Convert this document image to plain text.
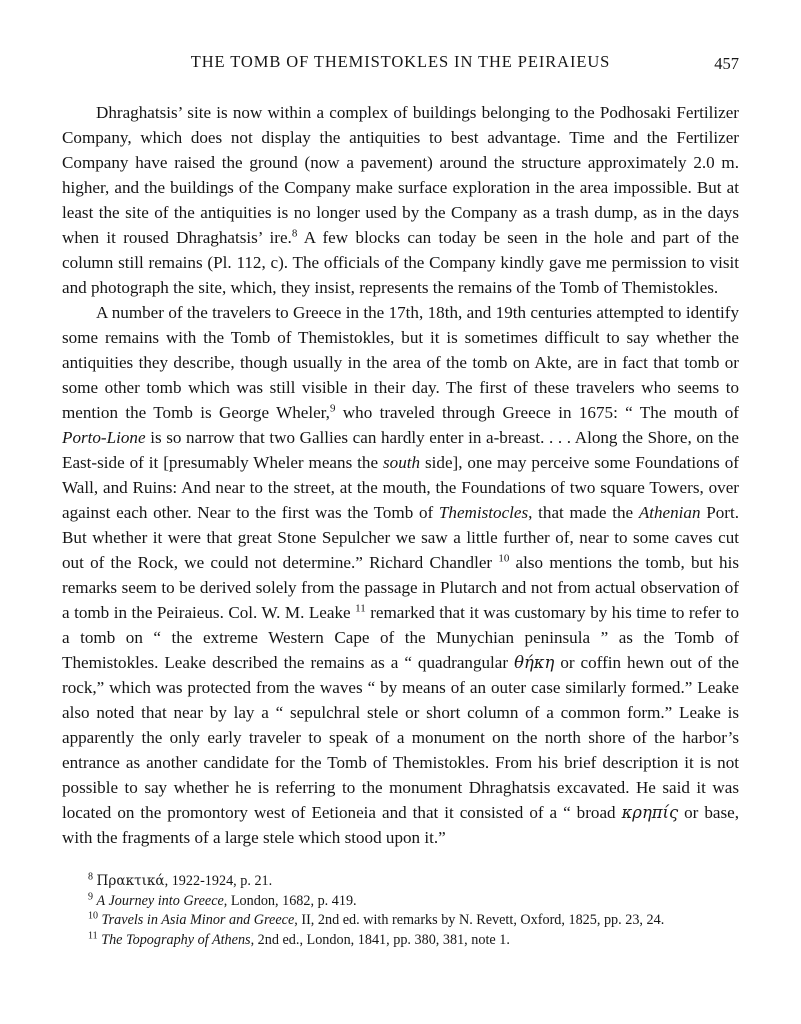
THE TOMB OF THEMISTOKLES IN THE PEIRAIEUS	457

Dhraghatsis’ site is now within a complex of buildings belonging to the Podhosaki Fertilizer Company, which does not display the antiquities to best advantage. Time and the Fertilizer Company have raised the ground (now a pavement) around the structure approximately 2.0 m. higher, and the buildings of the Company make surface exploration in the area impossible. But at least the site of the antiquities is no longer used by the Company as a trash dump, as in the days when it roused Dhraghatsis’ ire.$^8$ A few blocks can today be seen in the hole and part of the column still remains (Pl. 112, c). The officials of the Company kindly gave me permission to visit and photograph the site, which, they insist, represents the remains of the Tomb of Themistokles.

A number of the travelers to Greece in the 17th, 18th, and 19th centuries attempted to identify some remains with the Tomb of Themistokles, but it is sometimes difficult to say whether the antiquities they describe, though usually in the area of the tomb on Akte, are in fact that tomb or some other tomb which was still visible in their day. The first of these travelers who seems to mention the Tomb is George Wheler,$^9$ who traveled through Greece in 1675: “ The mouth of Porto-Lione is so narrow that two Gallies can hardly enter in a-breast. . . . Along the Shore, on the East-side of it [presumably Wheler means the south side], one may perceive some Foundations of Wall, and Ruins: And near to the street, at the mouth, the Foundations of two square Towers, over against each other. Near to the first was the Tomb of Themistocles, that made the Athenian Port. But whether it were that great Stone Sepulcher we saw a little further of, near to some caves cut out of the Rock, we could not determine.” Richard Chandler $^{10}$ also mentions the tomb, but his remarks seem to be derived solely from the passage in Plutarch and not from actual observation of a tomb in the Peiraieus. Col. W. M. Leake $^{11}$ remarked that it was customary by his time to refer to a tomb on “ the extreme Western Cape of the Munychian peninsula ” as the Tomb of Themistokles. Leake described the remains as a “ quadrangular θήκη or coffin hewn out of the rock,” which was protected from the waves “ by means of an outer case similarly formed.” Leake also noted that near by lay a “ sepulchral stele or short column of a common form.” Leake is apparently the only early traveler to speak of a monument on the north shore of the harbor’s entrance as another candidate for the Tomb of Themistokles. From his brief description it is not possible to say whether he is referring to the monument Dhraghatsis excavated. He said it was located on the promontory west of Eetioneia and that it consisted of a “ broad κρηπίς or base, with the fragments of a large stele which stood upon it.”

$^8$ Πρακτικά, 1922-1924, p. 21.

$^9$ A Journey into Greece, London, 1682, p. 419.

$^{10}$ Travels in Asia Minor and Greece, II, 2nd ed. with remarks by N. Revett, Oxford, 1825, pp. 23, 24.

$^{11}$ The Topography of Athens, 2nd ed., London, 1841, pp. 380, 381, note 1.
